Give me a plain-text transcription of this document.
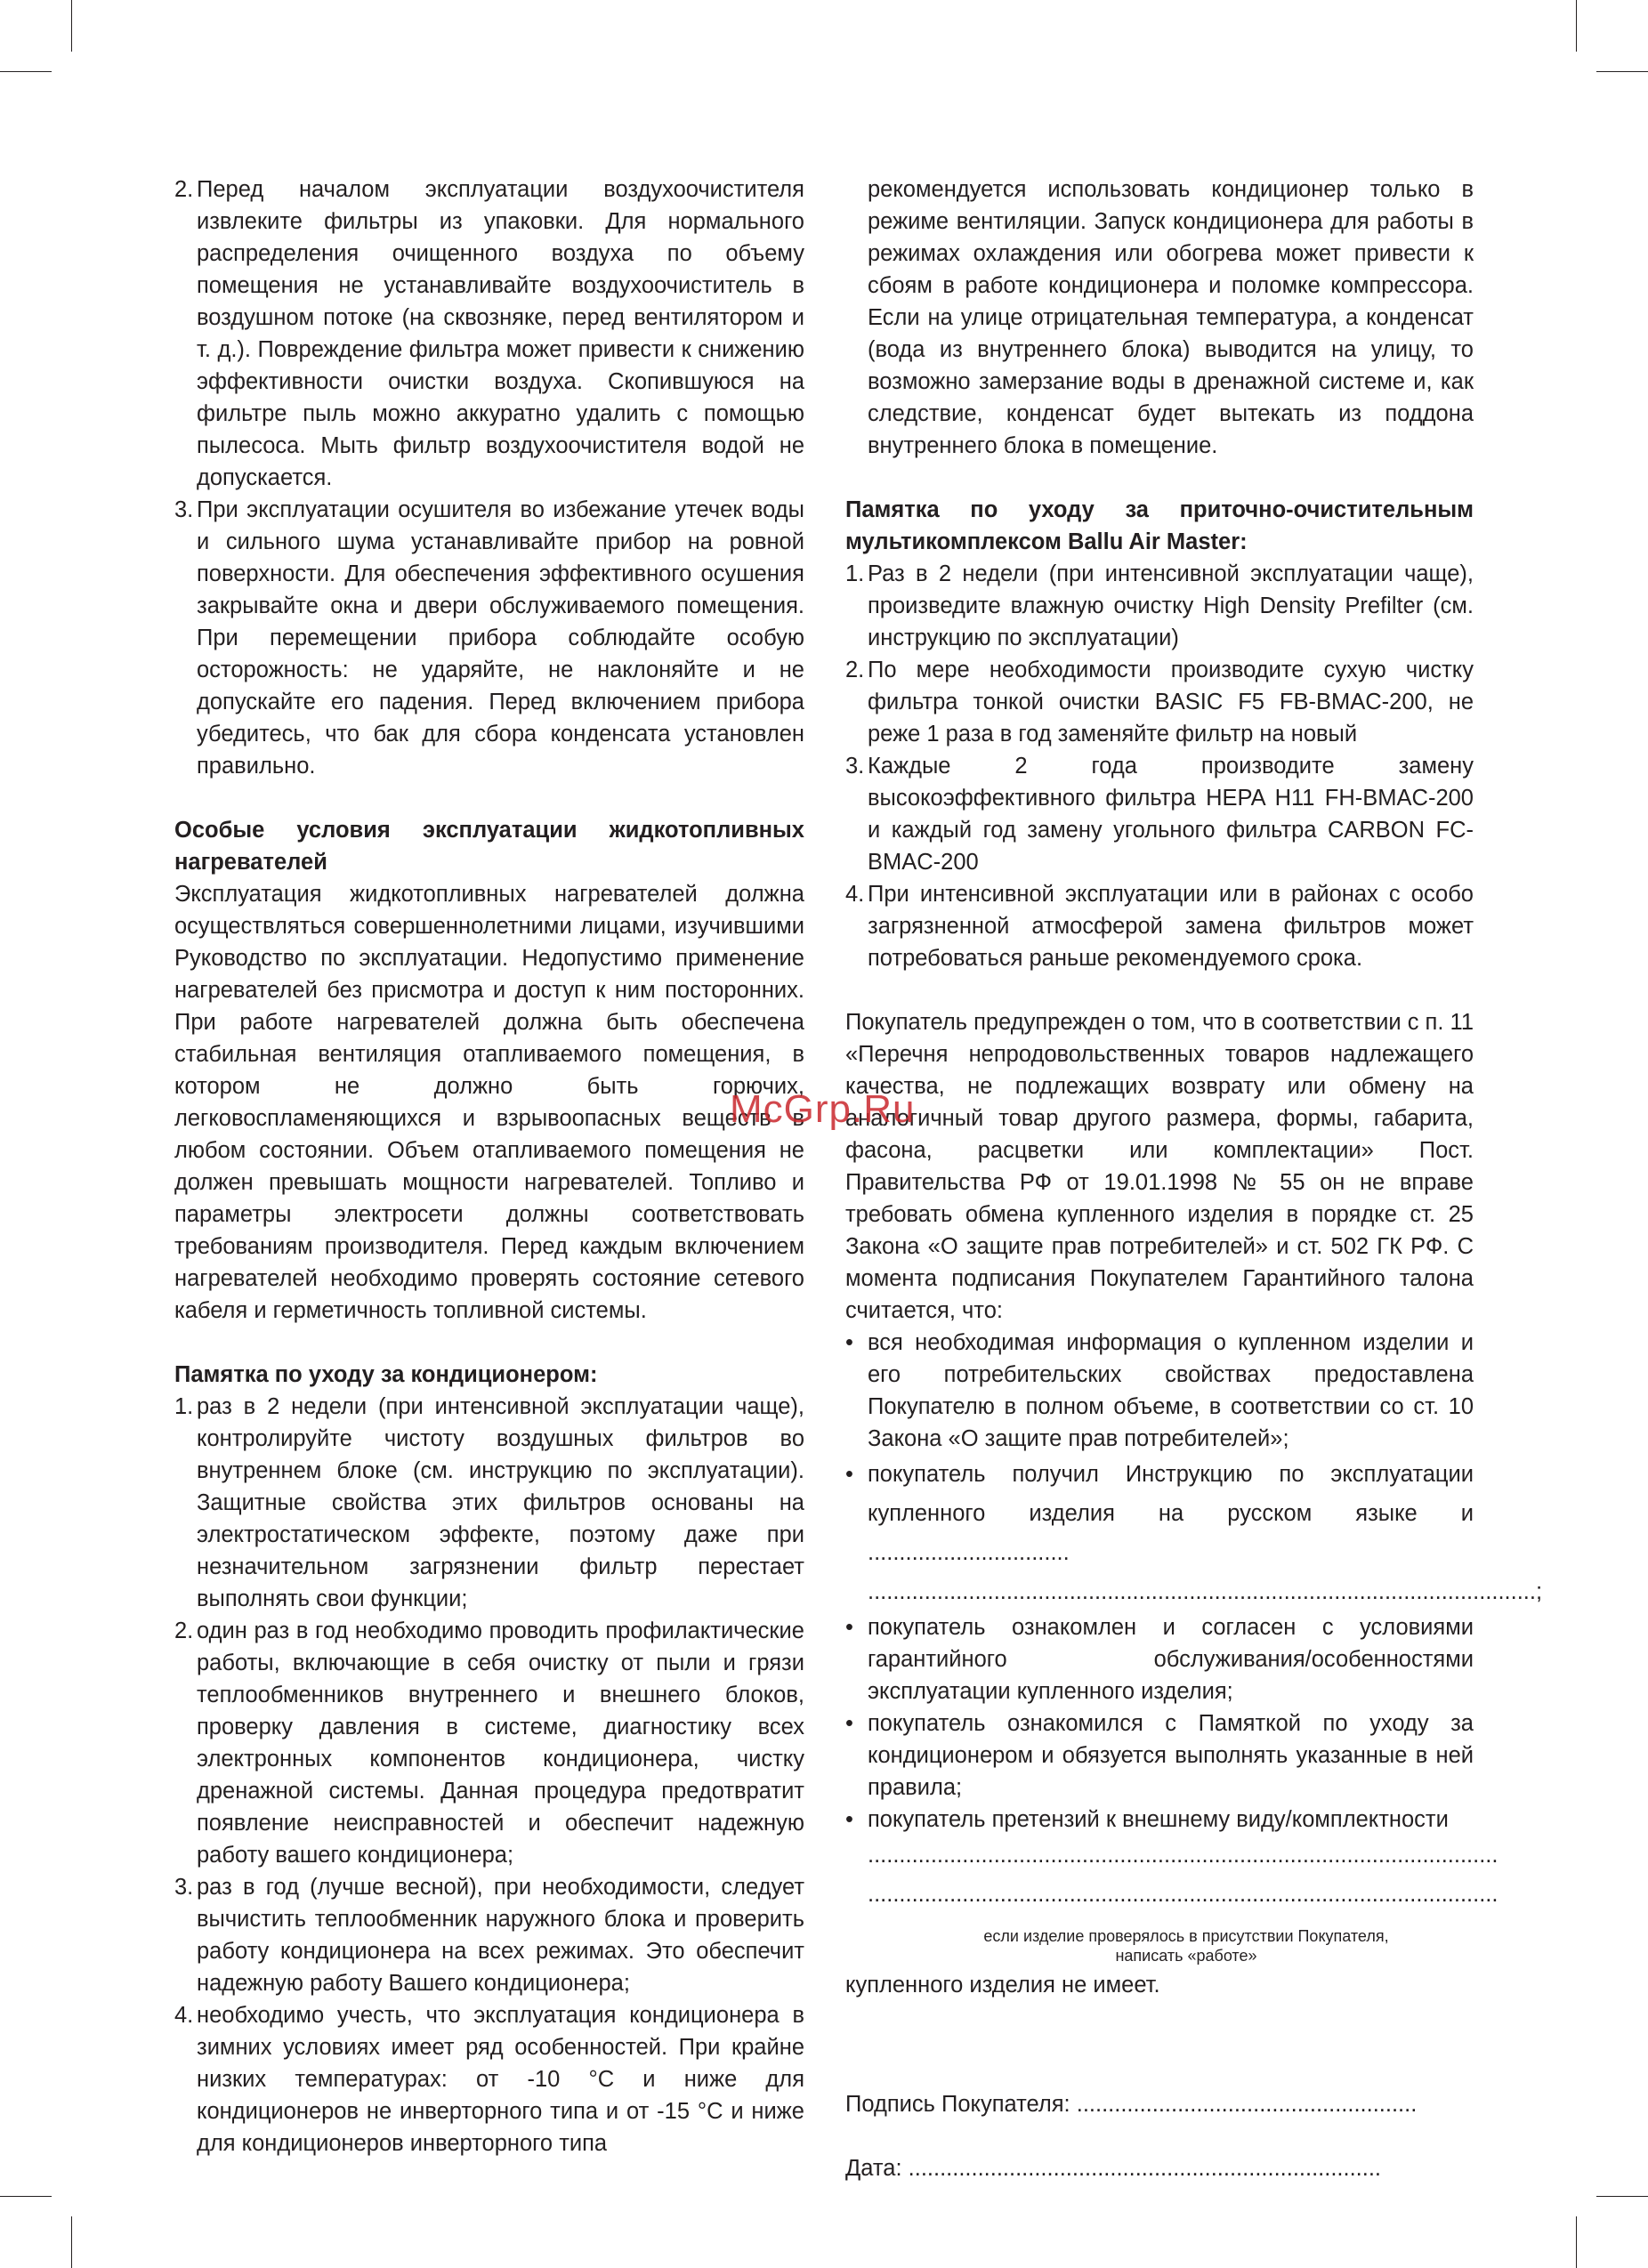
2. Перед началом эксплуатации воздухоочистителя извлеките фильтры из упаковки. Для нормального распределения очищенного воздуха по объему помещения не устанавливайте воздухоочиститель в воздушном потоке (на сквозняке, перед вентилятором и т. д.). Повреждение фильтра может привести к снижению эффективности очистки воздуха. Скопившуюся на фильтре пыль можно аккуратно удалить с помощью пылесоса. Мыть фильтр воздухоочистителя водой не допускается.
3. При эксплуатации осушителя во избежание утечек воды и сильного шума устанавливайте прибор на ровной поверхности. Для обеспечения эффективного осушения закрывайте окна и двери обслуживаемого помещения. При перемещении прибора соблюдайте особую осторожность: не ударяйте, не наклоняйте и не допускайте его падения. Перед включением прибора убедитесь, что бак для сбора конденсата установлен правильно.

Особые условия эксплуатации жидкотопливных нагревателей

Эксплуатация жидкотопливных нагревателей должна осуществляться совершеннолетними лицами, изучившими Руководство по эксплуатации. Недопустимо применение нагревателей без присмотра и доступ к ним посторонних. При работе нагревателей должна быть обеспечена стабильная вентиляция отапливаемого помещения, в котором не должно быть горючих, легковоспламеняющихся и взрывоопасных веществ в любом состоянии. Объем отапливаемого помещения не должен превышать мощности нагревателей. Топливо и параметры электросети должны соответствовать требованиям производителя. Перед каждым включением нагревателей необходимо проверять состояние сетевого кабеля и герметичность топливной системы.

Памятка по уходу за кондиционером:

1. раз в 2 недели (при интенсивной эксплуатации чаще), контролируйте чистоту воздушных фильтров во внутреннем блоке (см. инструкцию по эксплуатации). Защитные свойства этих фильтров основаны на электростатическом эффекте, поэтому даже при незначительном загрязнении фильтр перестает выполнять свои функции;
2. один раз в год необходимо проводить профилактические работы, включающие в себя очистку от пыли и грязи теплообменников внутреннего и внешнего блоков, проверку давления в системе, диагностику всех электронных компонентов кондиционера, чистку дренажной системы. Данная процедура предотвратит появление неисправностей и обеспечит надежную работу вашего кондиционера;
3. раз в год (лучше весной), при необходимости, следует вычистить теплообменник наружного блока и проверить работу кондиционера на всех режимах. Это обеспечит надежную работу Вашего кондиционера;
4. необходимо учесть, что эксплуатация кондиционера в зимних условиях имеет ряд особенностей. При крайне низких температурах: от -10 °С и ниже для кондиционеров не инверторного типа и от -15 °С и ниже для кондиционеров инверторного типа

рекомендуется использовать кондиционер только в режиме вентиляции. Запуск кондиционера для работы в режимах охлаждения или обогрева может привести к сбоям в работе кондиционера и поломке компрессора. Если на улице отрицательная температура, а конденсат (вода из внутреннего блока) выводится на улицу, то возможно замерзание воды в дренажной системе и, как следствие, конденсат будет вытекать из поддона внутреннего блока в помещение.

Памятка по уходу за приточно-очистительным мультикомплексом Ballu Air Master:

1. Раз в 2 недели (при интенсивной эксплуатации чаще), произведите влажную очистку High Density Prefilter (см. инструкцию по эксплуатации)
2. По мере необходимости производите сухую чистку фильтра тонкой очистки BASIC F5 FB-BMAC-200, не реже 1 раза в год заменяйте фильтр на новый
3. Каждые 2 года производите замену высокоэффективного фильтра HEPA H11 FH-BMAC-200 и каждый год замену угольного фильтра CARBON FC-BMAC-200
4. При интенсивной эксплуатации или в районах с особо загрязненной атмосферой замена фильтров может потребоваться раньше рекомендуемого срока.

Покупатель предупрежден о том, что в соответствии с п. 11 «Перечня непродовольственных товаров надлежащего качества, не подлежащих возврату или обмену на аналогичный товар другого размера, формы, габарита, фасона, расцветки или комплектации» Пост. Правительства РФ от 19.01.1998 № 55 он не вправе требовать обмена купленного изделия в порядке ст. 25 Закона «О защите прав потребителей» и ст. 502 ГК РФ. С момента подписания Покупателем Гарантийного талона считается, что:

• вся необходимая информация о купленном изделии и его потребительских свойствах предоставлена Покупателю в полном объеме, в соответствии со ст. 10 Закона «О защите прав потребителей»;
• покупатель получил Инструкцию по эксплуатации купленного изделия на русском языке и ................................
..........................................................................................................;
• покупатель ознакомлен и согласен с условиями гарантийного обслуживания/особенностями эксплуатации купленного изделия;
• покупатель ознакомился с Памяткой по уходу за кондиционером и обязуется выполнять указанные в ней правила;
• покупатель претензий к внешнему виду/комплектности
....................................................................................................
....................................................................................................

если изделие проверялось в присутствии Покупателя, написать «работе»

купленного изделия не имеет.

Подпись Покупателя: ......................................................
Дата: ...........................................................................
McGrp.Ru
